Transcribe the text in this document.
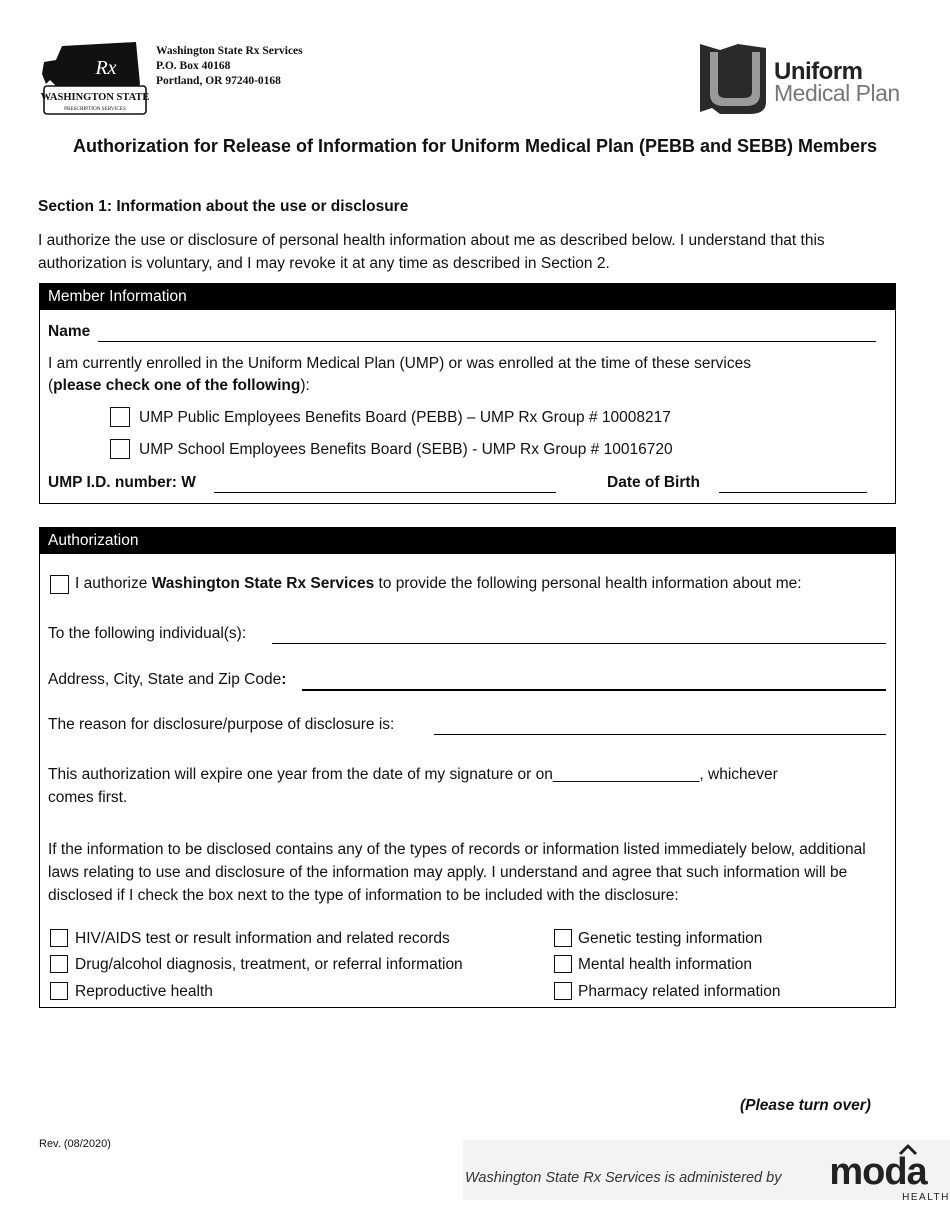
Rx
WASHINGTON STATE
PRESCRIPTION SERVICES
Washington State Rx Services
P.O. Box 40168
Portland, OR 97240-0168	Uniform
Medical Plan
Authorization for Release of Information for Uniform Medical Plan (PEBB and SEBB) Members
Section 1: Information about the use or disclosure
I authorize the use or disclosure of personal health information about me as described below. I understand that this
authorization is voluntary, and I may revoke it at any time as described in Section 2.
Member Information
Name
I am currently enrolled in the Uniform Medical Plan (UMP) or was enrolled at the time of these services
(please check one of the following):
UMP Public Employees Benefits Board (PEBB) – UMP Rx Group # 10008217
UMP School Employees Benefits Board (SEBB) - UMP Rx Group # 10016720
UMP I.D. number: W	Date of Birth
Authorization
I authorize Washington State Rx Services to provide the following personal health information about me:
To the following individual(s):
Address, City, State and Zip Code:
The reason for disclosure/purpose of disclosure is:
This authorization will expire one year from the date of my signature or on_________________, whichever
comes first.
If the information to be disclosed contains any of the types of records or information listed immediately below, additional laws relating to use and disclosure of the information may apply. I understand and agree that such information will be disclosed if I check the box next to the type of information to be included with the disclosure:
HIV/AIDS test or result information and related records
Drug/alcohol diagnosis, treatment, or referral information
Reproductive health
Genetic testing information
Mental health information
Pharmacy related information
(Please turn over)
Rev. (08/2020)
Washington State Rx Services is administered by moda
HEALTH
